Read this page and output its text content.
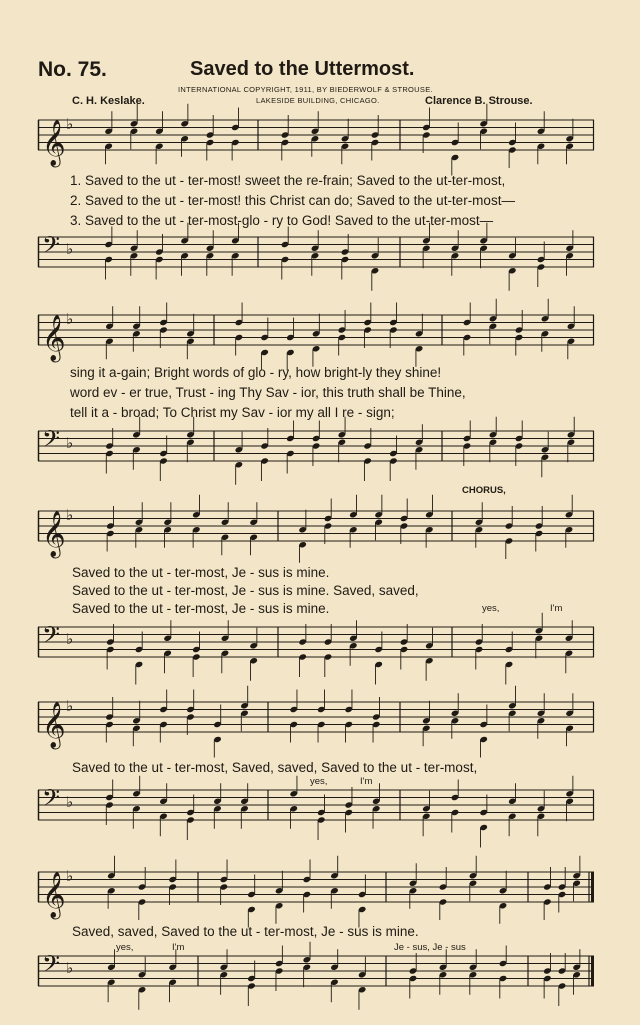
No. 75.	Saved to the Uttermost.
INTERNATIONAL COPYRIGHT, 1911, BY BIEDERWOLF & STROUSE.
LAKESIDE BUILDING, CHICAGO.
C. H. Keslake.	Clarence B. Strouse.
𝄞 ♭
1. Saved to the ut - ter-most! sweet the re-frain; Saved to the ut-ter-most,
2. Saved to the ut - ter-most! this Christ can do; Saved to the ut-ter-most—
3. Saved to the ut - ter-most-glo - ry to God! Saved to the ut-ter-most—
𝄢 ♭
𝄞 ♭
sing it a-gain; Bright words of glo - ry, how bright-ly they shine!
word ev - er true, Trust - ing Thy Sav - ior, this truth shall be Thine,
tell it a - broad; To Christ my Sav - ior my all I re - sign;
𝄢 ♭
CHORUS,
𝄞 ♭
Saved to the ut - ter-most, Je - sus is mine.
Saved to the ut - ter-most, Je - sus is mine. Saved, saved,
Saved to the ut - ter-most, Je - sus is mine.	yes,	I'm
𝄢 ♭
𝄞 ♭
Saved to the ut - ter-most, Saved, saved, Saved to the ut - ter-most,
yes,	I'm
𝄢 ♭
𝄞 ♭
Saved, saved, Saved to the ut - ter-most, Je - sus is mine.
yes,	I'm	Je - sus, Je - sus
𝄢 ♭
